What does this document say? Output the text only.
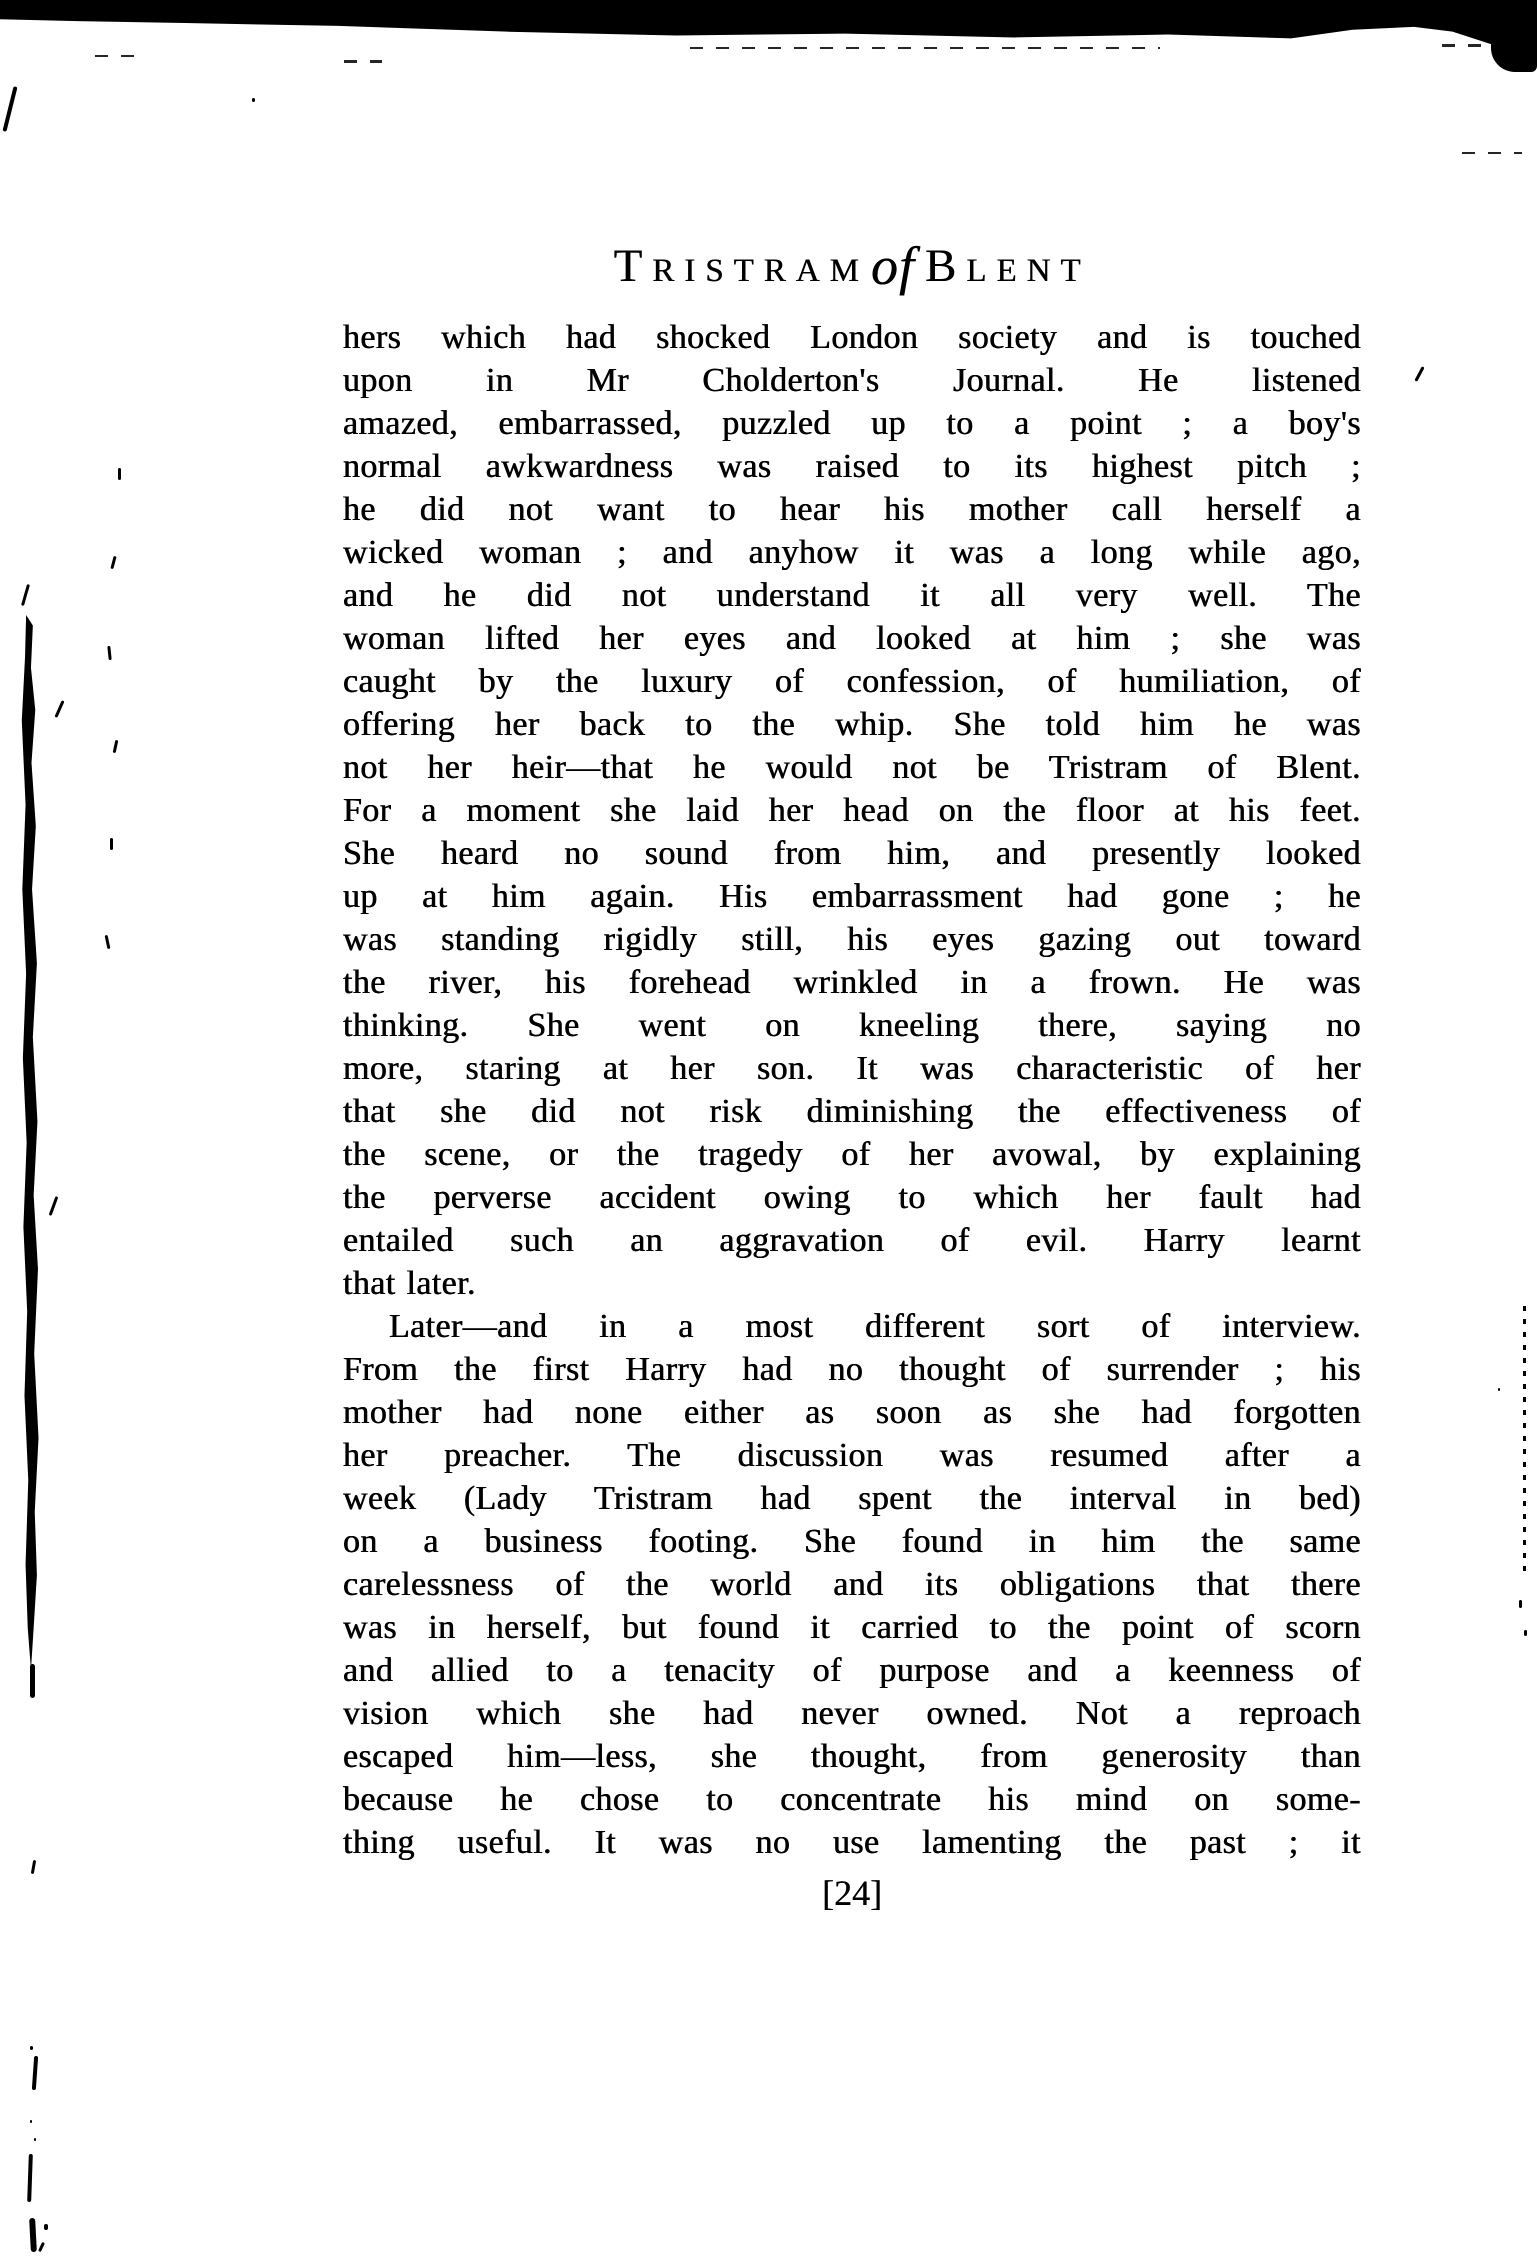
Tristramof Blent
hers which had shocked London society and is touched
upon in Mr Cholderton's Journal. He listened
amazed, embarrassed, puzzled up to a point ; a boy's
normal awkwardness was raised to its highest pitch ;
he did not want to hear his mother call herself a
wicked woman ; and anyhow it was a long while ago,
and he did not understand it all very well. The
woman lifted her eyes and looked at him ; she was
caught by the luxury of confession, of humiliation, of
offering her back to the whip. She told him he was
not her heir—that he would not be Tristram of Blent.
For a moment she laid her head on the floor at his feet.
She heard no sound from him, and presently looked
up at him again. His embarrassment had gone ; he
was standing rigidly still, his eyes gazing out toward
the river, his forehead wrinkled in a frown. He was
thinking. She went on kneeling there, saying no
more, staring at her son. It was characteristic of her
that she did not risk diminishing the effectiveness of
the scene, or the tragedy of her avowal, by explaining
the perverse accident owing to which her fault had
entailed such an aggravation of evil. Harry learnt
that later.
Later—and in a most different sort of interview.
From the first Harry had no thought of surrender ; his
mother had none either as soon as she had forgotten
her preacher. The discussion was resumed after a
week (Lady Tristram had spent the interval in bed)
on a business footing. She found in him the same
carelessness of the world and its obligations that there
was in herself, but found it carried to the point of scorn
and allied to a tenacity of purpose and a keenness of
vision which she had never owned. Not a reproach
escaped him—less, she thought, from generosity than
because he chose to concentrate his mind on some-
thing useful. It was no use lamenting the past ; it
[24]
